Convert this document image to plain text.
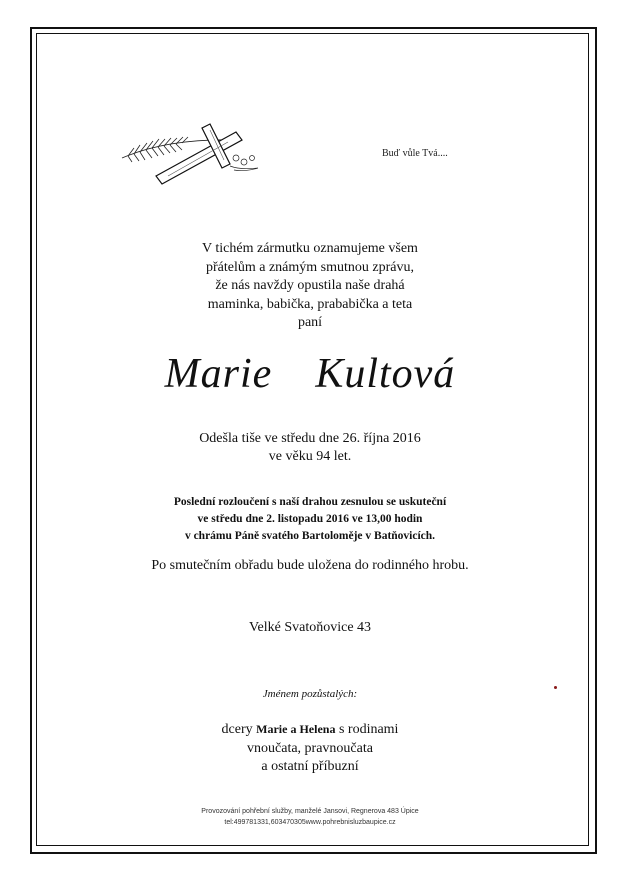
Buď vůle Tvá....
V tichém zármutku oznamujeme všem
přátelům a známým smutnou zprávu,
že nás navždy opustila naše drahá
maminka, babička, prababička a teta
paní
Marie  Kultová
Odešla tiše ve středu dne 26. října 2016
ve věku 94 let.
Poslední rozloučení s naší drahou zesnulou se uskuteční
ve středu dne 2. listopadu 2016 ve 13,00 hodin
v chrámu Páně svatého Bartoloměje v Batňovicích.
Po smutečním obřadu bude uložena do rodinného hrobu.
Velké Svatoňovice 43
Jménem pozůstalých:
dcery Marie a Helena s rodinami
vnoučata, pravnoučata
a ostatní příbuzní
Provozování pohřební služby, manželé Jansovi, Regnerova 483 Úpice
tel:499781331,603470305www.pohrebnisluzbaupice.cz
